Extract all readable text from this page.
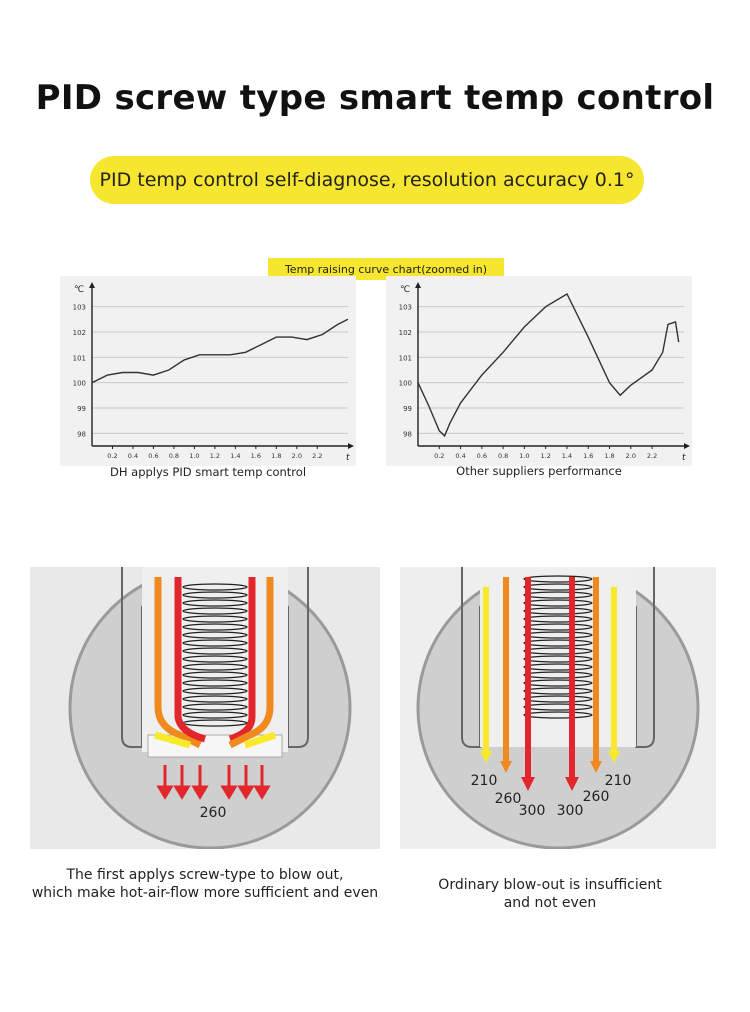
PID screw type smart temp control
PID temp control self-diagnose, resolution accuracy 0.1°
Temp raising curve chart(zoomed in)
98
99
100
101
102
103
℃
t
0.2 0.4 0.6 0.8 1.0 1.2 1.4 1.6 1.8 2.0 2.2
98
99
100
101
102
103
℃
t
0.2 0.4 0.6 0.8 1.0 1.2 1.4 1.6 1.8 2.0 2.2
DH applys PID smart temp control	Other suppliers performance
260
210
260
300 300
260
210
The first applys screw-type to blow out,
which make hot-air-flow more sufficient and even	Ordinary blow-out is insufficient
and not even
